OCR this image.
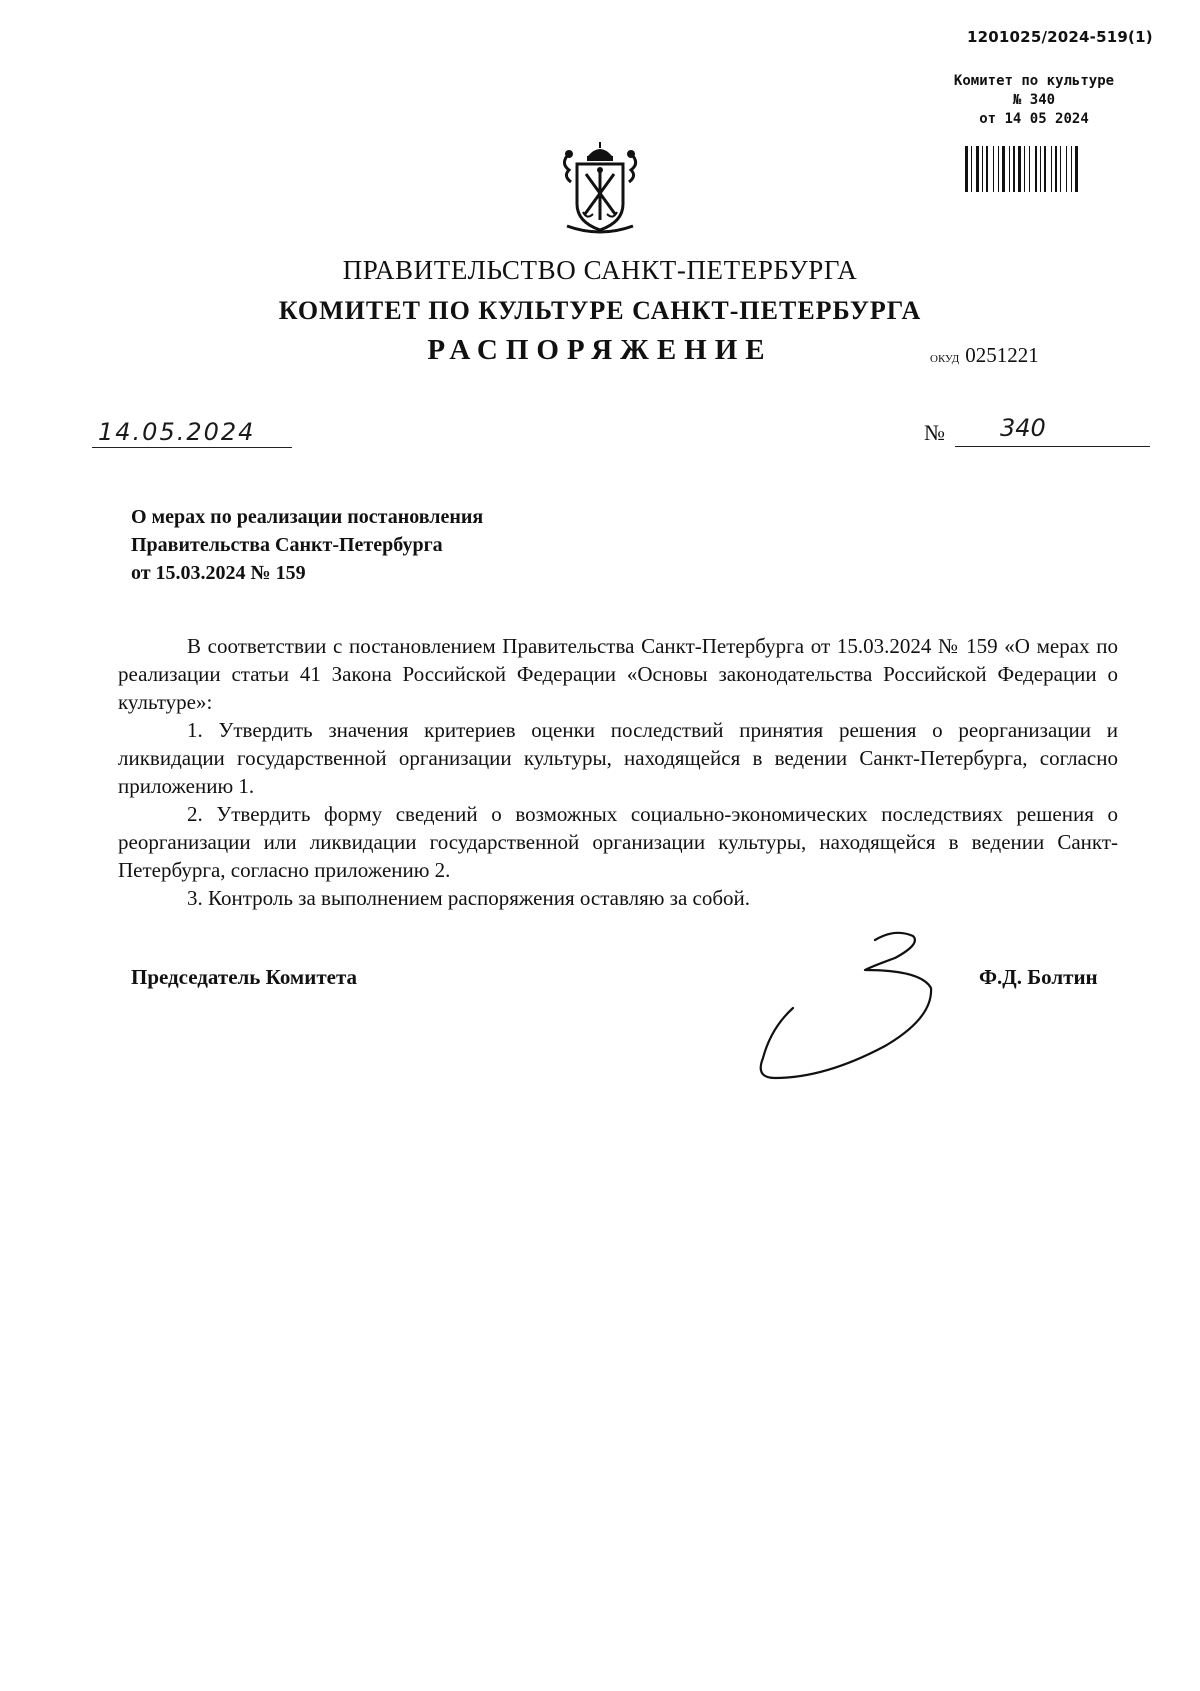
1201025/2024-519(1)
Комитет по культуре
№ 340
от 14 05 2024
ПРАВИТЕЛЬСТВО САНКТ-ПЕТЕРБУРГА
КОМИТЕТ ПО КУЛЬТУРЕ САНКТ-ПЕТЕРБУРГА
РАСПОРЯЖЕНИЕ	окуд 0251221
14.05.2024	№ 340
О мерах по реализации постановления
Правительства Санкт-Петербурга
от 15.03.2024 № 159

В соответствии с постановлением Правительства Санкт-Петербурга от 15.03.2024 № 159 «О мерах по реализации статьи 41 Закона Российской Федерации «Основы законодательства Российской Федерации о культуре»:

1. Утвердить значения критериев оценки последствий принятия решения о реорганизации и ликвидации государственной организации культуры, находящейся в ведении Санкт-Петербурга, согласно приложению 1.

2. Утвердить форму сведений о возможных социально-экономических последствиях решения о реорганизации или ликвидации государственной организации культуры, находящейся в ведении Санкт-Петербурга, согласно приложению 2.

3. Контроль за выполнением распоряжения оставляю за собой.

Председатель Комитета	Ф.Д. Болтин
